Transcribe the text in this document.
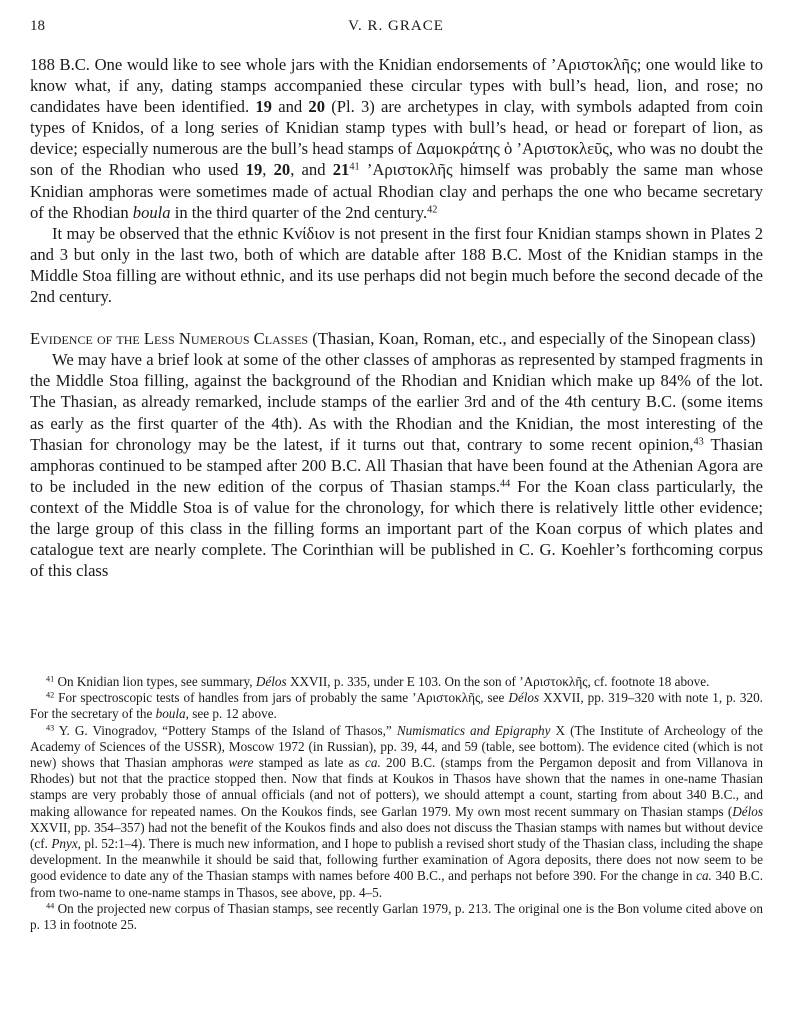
18	V. R. GRACE

188 B.C. One would like to see whole jars with the Knidian endorsements of ’Αριστοκλῆς; one would like to know what, if any, dating stamps accompanied these circular types with bull’s head, lion, and rose; no candidates have been identified. 19 and 20 (Pl. 3) are archetypes in clay, with symbols adapted from coin types of Knidos, of a long series of Knidian stamp types with bull’s head, or head or forepart of lion, as device; especially numerous are the bull’s head stamps of Δαμοκράτης ὁ ’Αριστοκλεῦς, who was no doubt the son of the Rhodian who used 19, 20, and $21^{41}$ ’Αριστοκλῆς himself was probably the same man whose Knidian amphoras were sometimes made of actual Rhodian clay and perhaps the one who became secretary of the Rhodian boula in the third quarter of the 2nd century.$^{42}$

It may be observed that the ethnic Κνίδιον is not present in the first four Knidian stamps shown in Plates 2 and 3 but only in the last two, both of which are datable after 188 B.C. Most of the Knidian stamps in the Middle Stoa filling are without ethnic, and its use perhaps did not begin much before the second decade of the 2nd century.

Evidence of the Less Numerous Classes (Thasian, Koan, Roman, etc., and especially of the Sinopean class)

We may have a brief look at some of the other classes of amphoras as represented by stamped fragments in the Middle Stoa filling, against the background of the Rhodian and Knidian which make up 84% of the lot. The Thasian, as already remarked, include stamps of the earlier 3rd and of the 4th century B.C. (some items as early as the first quarter of the 4th). As with the Rhodian and the Knidian, the most interesting of the Thasian for chronology may be the latest, if it turns out that, contrary to some recent opinion,$^{43}$ Thasian amphoras continued to be stamped after 200 B.C. All Thasian that have been found at the Athenian Agora are to be included in the new edition of the corpus of Thasian stamps.$^{44}$ For the Koan class particularly, the context of the Middle Stoa is of value for the chronology, for which there is relatively little other evidence; the large group of this class in the filling forms an important part of the Koan corpus of which plates and catalogue text are nearly complete. The Corinthian will be published in C. G. Koehler’s forthcoming corpus of this class

$^{41}$ On Knidian lion types, see summary, Délos XXVII, p. 335, under E 103. On the son of ’Αριστοκλῆς, cf. footnote 18 above.

$^{42}$ For spectroscopic tests of handles from jars of probably the same ’Αριστοκλῆς, see Délos XXVII, pp. 319–320 with note 1, p. 320. For the secretary of the boula, see p. 12 above.

$^{43}$ Y. G. Vinogradov, “Pottery Stamps of the Island of Thasos,” Numismatics and Epigraphy X (The Institute of Archeology of the Academy of Sciences of the USSR), Moscow 1972 (in Russian), pp. 39, 44, and 59 (table, see bottom). The evidence cited (which is not new) shows that Thasian amphoras were stamped as late as ca. 200 B.C. (stamps from the Pergamon deposit and from Villanova in Rhodes) but not that the practice stopped then. Now that finds at Koukos in Thasos have shown that the names in one-name Thasian stamps are very probably those of annual officials (and not of potters), we should attempt a count, starting from about 340 B.C., and making allowance for repeated names. On the Koukos finds, see Garlan 1979. My own most recent summary on Thasian stamps (Délos XXVII, pp. 354–357) had not the benefit of the Koukos finds and also does not discuss the Thasian stamps with names but without device (cf. Pnyx, pl. 52:1–4). There is much new information, and I hope to publish a revised short study of the Thasian class, including the shape development. In the meanwhile it should be said that, following further examination of Agora deposits, there does not now seem to be good evidence to date any of the Thasian stamps with names before 400 B.C., and perhaps not before 390. For the change in ca. 340 B.C. from two-name to one-name stamps in Thasos, see above, pp. 4–5.

$^{44}$ On the projected new corpus of Thasian stamps, see recently Garlan 1979, p. 213. The original one is the Bon volume cited above on p. 13 in footnote 25.
